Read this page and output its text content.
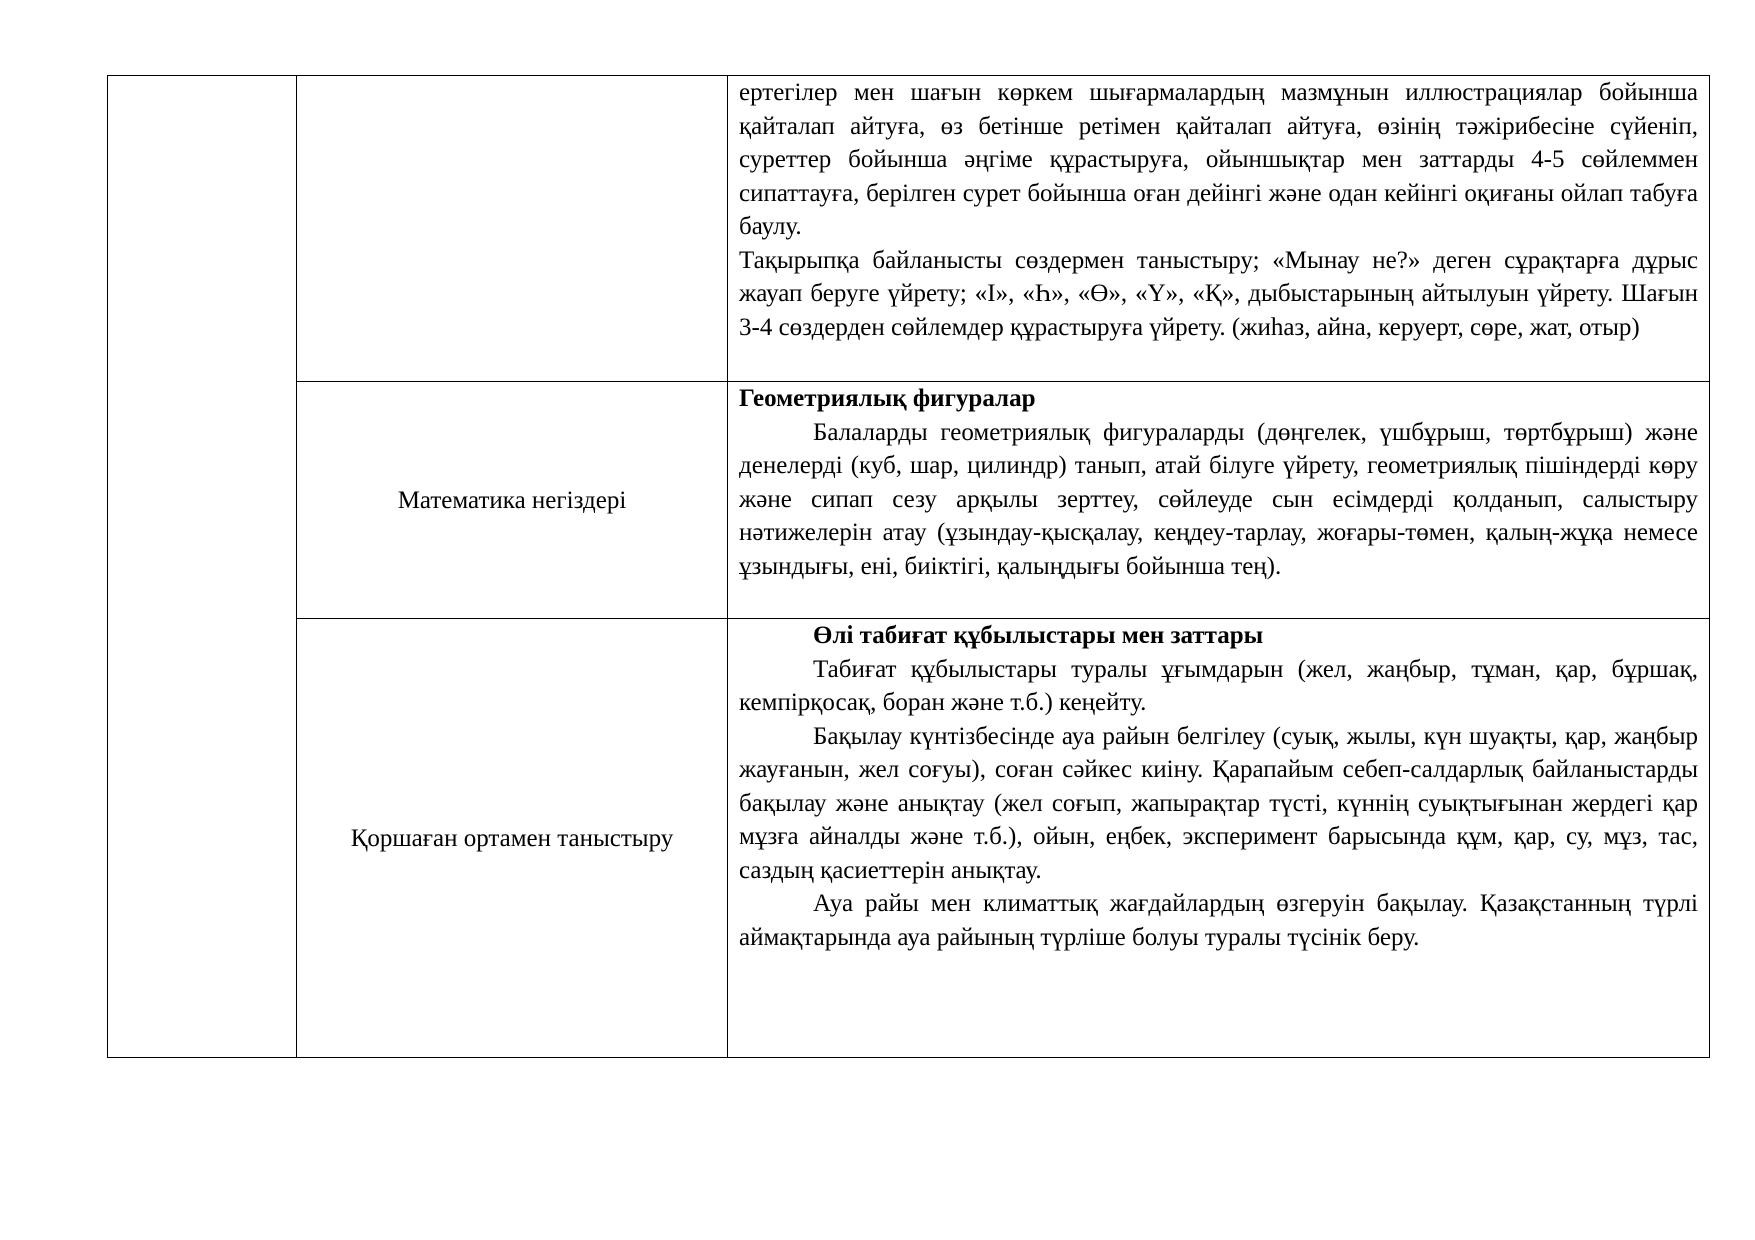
		ертегілер мен шағын көркем шығармалардың мазмұнын иллюстрациялар бойынша қайталап айтуға, өз бетінше ретімен қайталап айтуға, өзінің тәжірибесіне сүйеніп, суреттер бойынша әңгіме құрастыруға, ойыншықтар мен заттарды 4-5 сөйлеммен сипаттауға, берілген сурет бойынша оған дейінгі және одан кейінгі оқиғаны ойлап табуға баулу.

Тақырыпқа байланысты сөздермен таныстыру; «Мынау не?» деген сұрақтарға дұрыс жауап беруге үйрету; «І», «Һ», «Ө», «Ү», «Қ», дыбыстарының айтылуын үйрету. Шағын 3-4 сөздерден сөйлемдер құрастыруға үйрету. (жиhаз, айна, керуерт, сөре, жат, отыр)

	Математика негіздері	Геометриялық фигуралар

Балаларды геометриялық фигураларды (дөңгелек, үшбұрыш, төртбұрыш) және денелерді (куб, шар, цилиндр) танып, атай білуге үйрету, геометриялық пішіндерді көру және сипап сезу арқылы зерттеу, сөйлеуде сын есімдерді қолданып, салыстыру нәтижелерін атау (ұзындау-қысқалау, кеңдеу-тарлау, жоғары-төмен, қалың-жұқа немесе ұзындығы, ені, биіктігі, қалыңдығы бойынша тең).

	Қоршаған ортамен таныстыру	Өлі табиғат құбылыстары мен заттары

Табиғат құбылыстары туралы ұғымдарын (жел, жаңбыр, тұман, қар, бұршақ, кемпірқосақ, боран және т.б.) кеңейту.

Бақылау күнтізбесінде ауа райын белгілеу (суық, жылы, күн шуақты, қар, жаңбыр жауғанын, жел соғуы), соған сәйкес киіну. Қарапайым себеп-салдарлық байланыстарды бақылау және анықтау (жел соғып, жапырақтар түсті, күннің суықтығынан жердегі қар мұзға айналды және т.б.), ойын, еңбек, эксперимент барысында құм, қар, су, мұз, тас, саздың қасиеттерін анықтау.

Ауа райы мен климаттық жағдайлардың өзгеруін бақылау. Қазақстанның түрлі аймақтарында ауа райының түрліше болуы туралы түсінік беру.
